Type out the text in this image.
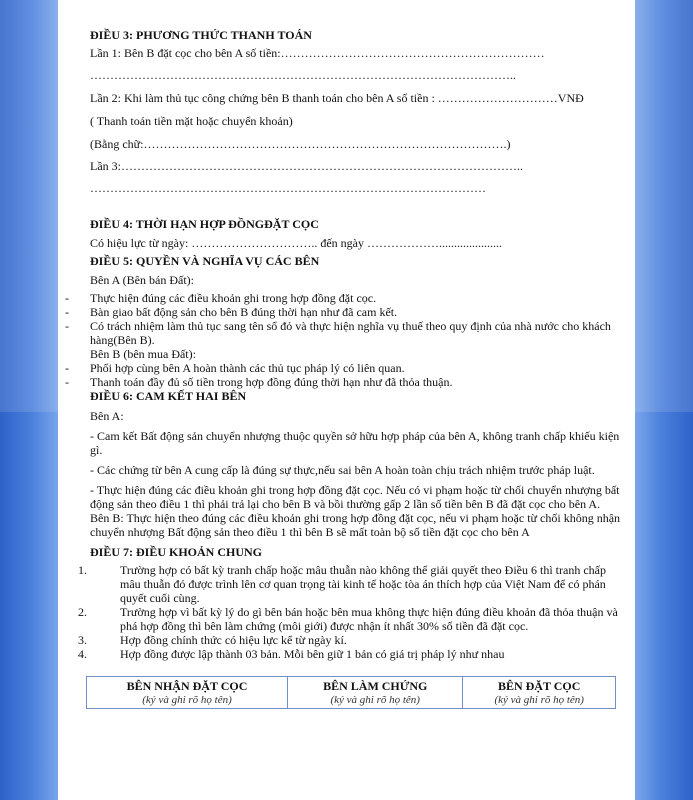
ĐIỀU 3: PHƯƠNG THỨC THANH TOÁN

Lần 1: Bên B đặt cọc cho bên A số tiền:…………………………………………………………

……………………………………………………………………………………………..

Lần 2: Khi làm thủ tục công chứng bên B thanh toán cho bên A số tiền : …………………………VNĐ

( Thanh toán tiền mặt hoặc chuyển khoản)

(Bằng chữ:……………………………………………………………………………….)

Lần 3:………………………………………………………………………………………..

………………………………………………………………………………………

ĐIỀU 4: THỜI HẠN HỢP ĐỒNGĐẶT CỌC

Có hiệu lực từ ngày: ………………………….. đến ngày ……………….....................

ĐIỀU 5: QUYỀN VÀ NGHĨA VỤ CÁC BÊN

Bên A (Bên bán Đất):

- Thực hiện đúng các điều khoản ghi trong hợp đồng đặt cọc.
- Bàn giao bất động sản cho bên B đúng thời hạn như đã cam kết.
- Có trách nhiệm làm thủ tục sang tên sổ đỏ và thực hiện nghĩa vụ thuế theo quy định của nhà nước cho khách hàng(Bên B).

Bên B (bên mua Đất):

- Phối hợp cùng bên A hoàn thành các thủ tục pháp lý có liên quan.
- Thanh toán đầy đủ số tiền trong hợp đồng đúng thời hạn như đã thỏa thuận.
ĐIỀU 6: CAM KẾT HAI BÊN

Bên A:

- Cam kết Bất động sản chuyển nhượng thuộc quyền sở hữu hợp pháp của bên A, không tranh chấp khiếu kiện gì.

- Các chứng từ bên A cung cấp là đúng sự thực,nếu sai bên A hoàn toàn chịu trách nhiệm trước pháp luật.

- Thực hiện đúng các điều khoản ghi trong hợp đồng đặt cọc. Nếu có vi phạm hoặc từ chối chuyển nhượng bất động sản theo điều 1 thì phải trả lại cho bên B và bồi thường gấp 2 lần số tiền bên B đã đặt cọc cho bên A.

Bên B: Thực hiện theo đúng các điều khoản ghi trong hợp đồng đặt cọc, nếu vi phạm hoặc từ chối không nhận chuyển nhượng Bất động sản theo điều 1 thì bên B sẽ mất toàn bộ số tiền đặt cọc cho bên A

ĐIỀU 7: ĐIỀU KHOẢN CHUNG
1.	Trường hợp có bất kỳ tranh chấp hoặc mâu thuẫn nào không thể giải quyết theo Điều 6 thì tranh chấp mâu thuẫn đó được trình lên cơ quan trọng tài kinh tế hoặc tòa án thích hợp của Việt Nam để có phán quyết cuối cùng.
2.	Trường hợp vì bất kỳ lý do gì bên bán hoặc bên mua không thực hiện đúng điều khoản đã thỏa thuận và phá hợp đồng thì bên làm chứng (môi giới) được nhận ít nhất 30% số tiền đã đặt cọc.
3.	Hợp đồng chính thức có hiệu lực kể từ ngày kí.
4.	Hợp đồng được lập thành 03 bản. Mỗi bên giữ 1 bản có giá trị pháp lý như nhau
BÊN NHẬN ĐẶT CỌC
(ký và ghi rõ họ tên)

BÊN LÀM CHỨNG
(ký và ghi rõ họ tên)

BÊN ĐẶT CỌC
(ký và ghi rõ họ tên)
